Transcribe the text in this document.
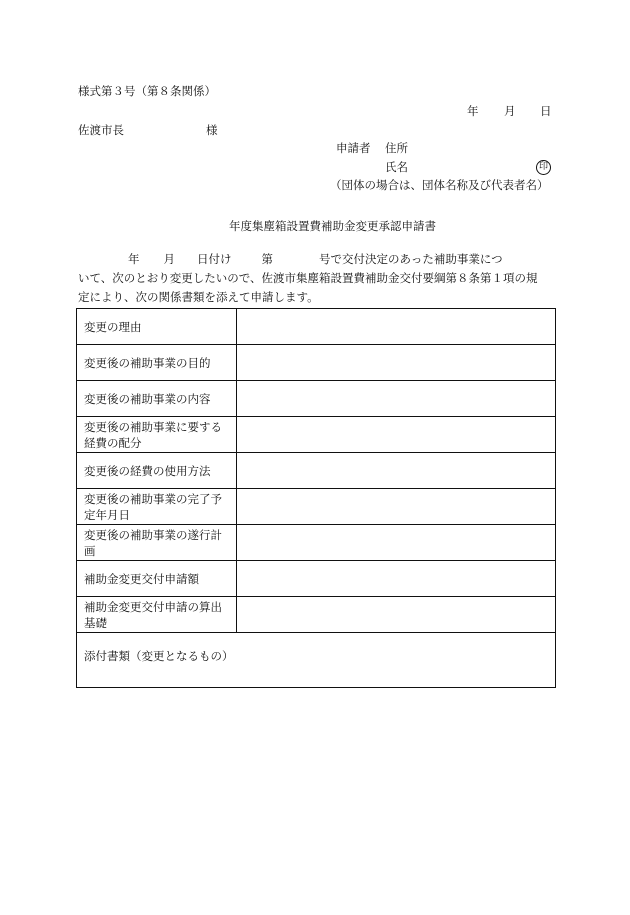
様式第３号（第８条関係）
年 月 日
佐渡市長	様
申請者 住所
氏名	印
（団体の場合は、団体名称及び代表者名）
年度集塵箱設置費補助金変更承認申請書
年 月 日付け	第	号で交付決定のあった補助事業につ
いて、次のとおり変更したいので、佐渡市集塵箱設置費補助金交付要綱第８条第１項の規
定により、次の関係書類を添えて申請します。
変更の理由	
変更後の補助事業の目的	
変更後の補助事業の内容	
変更後の補助事業に要する経費の配分	
変更後の経費の使用方法	
変更後の補助事業の完了予定年月日	
変更後の補助事業の遂行計画	
補助金変更交付申請額	
補助金変更交付申請の算出基礎	

添付書類（変更となるもの）	
